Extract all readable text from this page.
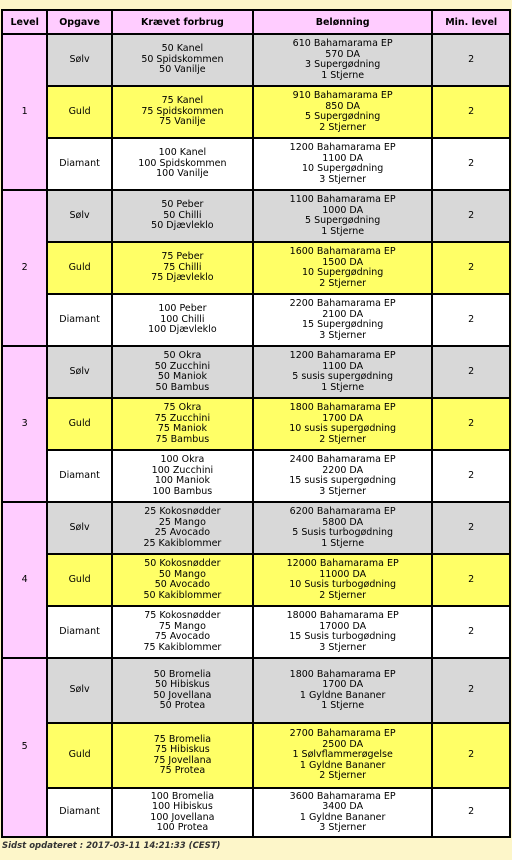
Level	Opgave	Krævet forbrug	Belønning	Min. level
1	Sølv	50 Kanel
50 Spidskommen
50 Vanilje	610 Bahamarama EP
570 DA
3 Supergødning
1 Stjerne	2
	Guld	75 Kanel
75 Spidskommen
75 Vanilje	910 Bahamarama EP
850 DA
5 Supergødning
2 Stjerner	2
	Diamant	100 Kanel
100 Spidskommen
100 Vanilje	1200 Bahamarama EP
1100 DA
10 Supergødning
3 Stjerner	2
2	Sølv	50 Peber
50 Chilli
50 Djævleklo	1100 Bahamarama EP
1000 DA
5 Supergødning
1 Stjerne	2
	Guld	75 Peber
75 Chilli
75 Djævleklo	1600 Bahamarama EP
1500 DA
10 Supergødning
2 Stjerner	2
	Diamant	100 Peber
100 Chilli
100 Djævleklo	2200 Bahamarama EP
2100 DA
15 Supergødning
3 Stjerner	2
3	Sølv	50 Okra
50 Zucchini
50 Maniok
50 Bambus	1200 Bahamarama EP
1100 DA
5 susis supergødning
1 Stjerne	2
	Guld	75 Okra
75 Zucchini
75 Maniok
75 Bambus	1800 Bahamarama EP
1700 DA
10 susis supergødning
2 Stjerner	2
	Diamant	100 Okra
100 Zucchini
100 Maniok
100 Bambus	2400 Bahamarama EP
2200 DA
15 susis supergødning
3 Stjerner	2
4	Sølv	25 Kokosnødder
25 Mango
25 Avocado
25 Kakiblommer	6200 Bahamarama EP
5800 DA
5 Susis turbogødning
1 Stjerne	2
	Guld	50 Kokosnødder
50 Mango
50 Avocado
50 Kakiblommer	12000 Bahamarama EP
11000 DA
10 Susis turbogødning
2 Stjerner	2
	Diamant	75 Kokosnødder
75 Mango
75 Avocado
75 Kakiblommer	18000 Bahamarama EP
17000 DA
15 Susis turbogødning
3 Stjerner	2
5	Sølv	50 Bromelia
50 Hibiskus
50 Jovellana
50 Protea	1800 Bahamarama EP
1700 DA
1 Gyldne Bananer
1 Stjerne	2
	Guld	75 Bromelia
75 Hibiskus
75 Jovellana
75 Protea	2700 Bahamarama EP
2500 DA
1 Sølvflammerøgelse
1 Gyldne Bananer
2 Stjerner	2
	Diamant	100 Bromelia
100 Hibiskus
100 Jovellana
100 Protea	3600 Bahamarama EP
3400 DA
1 Gyldne Bananer
3 Stjerner	2
Sidst opdateret : 2017-03-11 14:21:33 (CEST)
